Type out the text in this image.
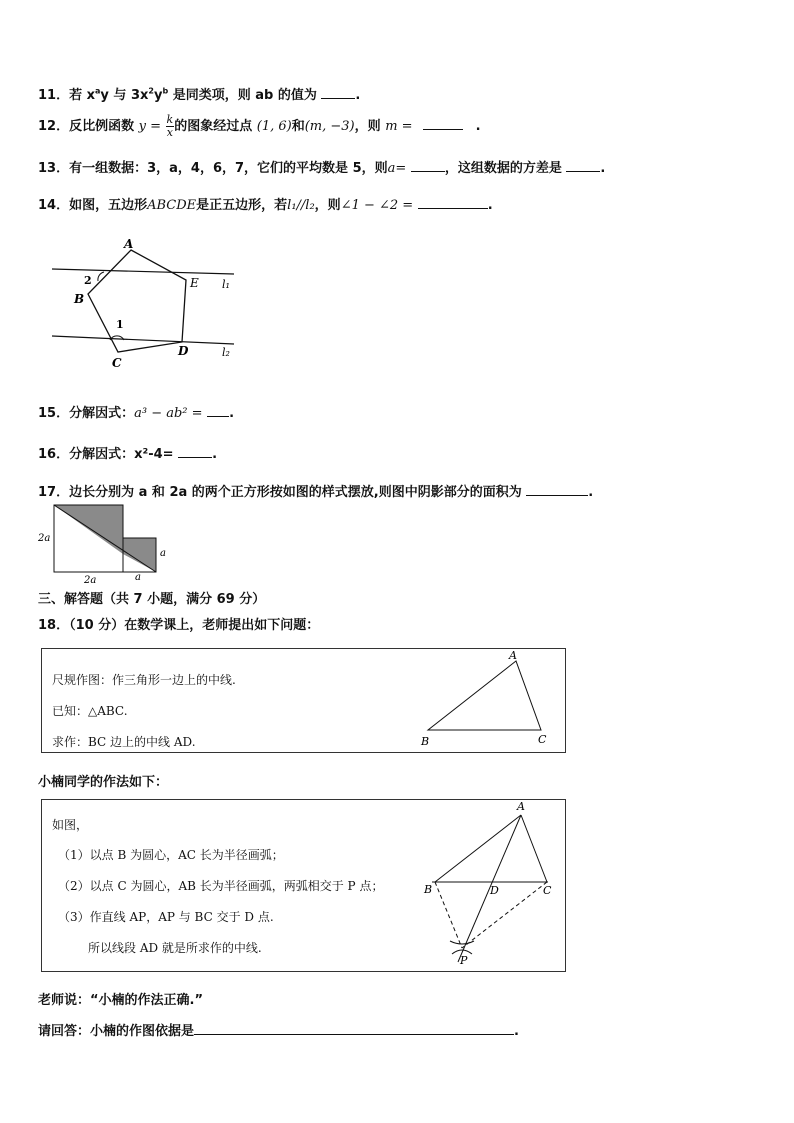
11．若 $x^ay$ 与 $3x^2y^b$ 是同类项，则 ab 的值为	.
12．反比例函数 $y = \frac{k}{x}$ 的图象经过点 (1, 6)和(m, −3)，则 m =	.
13．有一组数据：3，a，4，6，7，它们的平均数是 5，则a=	，这组数据的方差是	.
14．如图，五边形ABCDE是正五边形，若l₁//l₂，则∠1 − ∠2 =	.
A
B
C
D
E l₁
l₂
1
2
15．分解因式：a³ − ab² = .
16．分解因式：x²-4=	.
17．边长分别为 a 和 2a 的两个正方形按如图的样式摆放,则图中阴影部分的面积为	.
2a
2a	a
a
三、解答题（共 7 小题，满分 69 分）
18．（10 分）在数学课上，老师提出如下问题：
尺规作图：作三角形一边上的中线.
已知：△ABC.
求作：BC 边上的中线 AD.
A
B	C
小楠同学的作法如下：
如图，
（1）以点 B 为圆心，AC 长为半径画弧；
（2）以点 C 为圆心，AB 长为半径画弧，两弧相交于 P 点；
（3）作直线 AP，AP 与 BC 交于 D 点.
所以线段 AD 就是所求作的中线.
A
B	C
D
P
老师说：“小楠的作法正确.”
请回答：小楠的作图依据是	.
